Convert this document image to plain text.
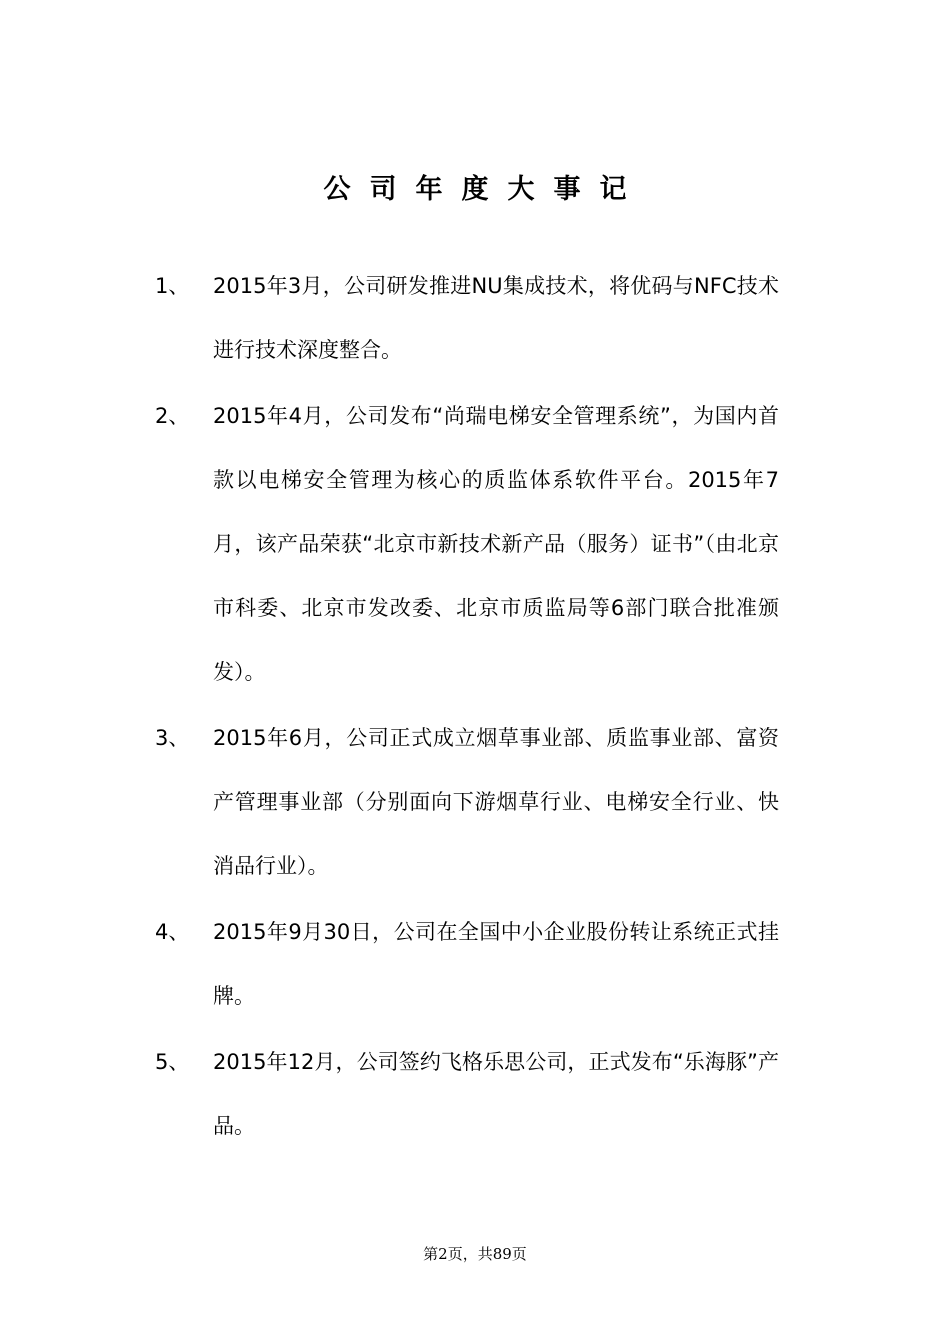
公司年度大事记
1、 2015年3月，公司研发推进NU集成技术，将优码与NFC技术进行技术深度整合。
2、 2015年4月，公司发布“尚瑞电梯安全管理系统”，为国内首款以电梯安全管理为核心的质监体系软件平台。2015年7月，该产品荣获“北京市新技术新产品（服务）证书”（由北京市科委、北京市发改委、北京市质监局等6部门联合批准颁发）。
3、 2015年6月，公司正式成立烟草事业部、质监事业部、富资产管理事业部（分别面向下游烟草行业、电梯安全行业、快消品行业）。
4、 2015年9月30日，公司在全国中小企业股份转让系统正式挂牌。
5、 2015年12月，公司签约飞格乐思公司，正式发布“乐海豚”产品。
第2页，共89页
